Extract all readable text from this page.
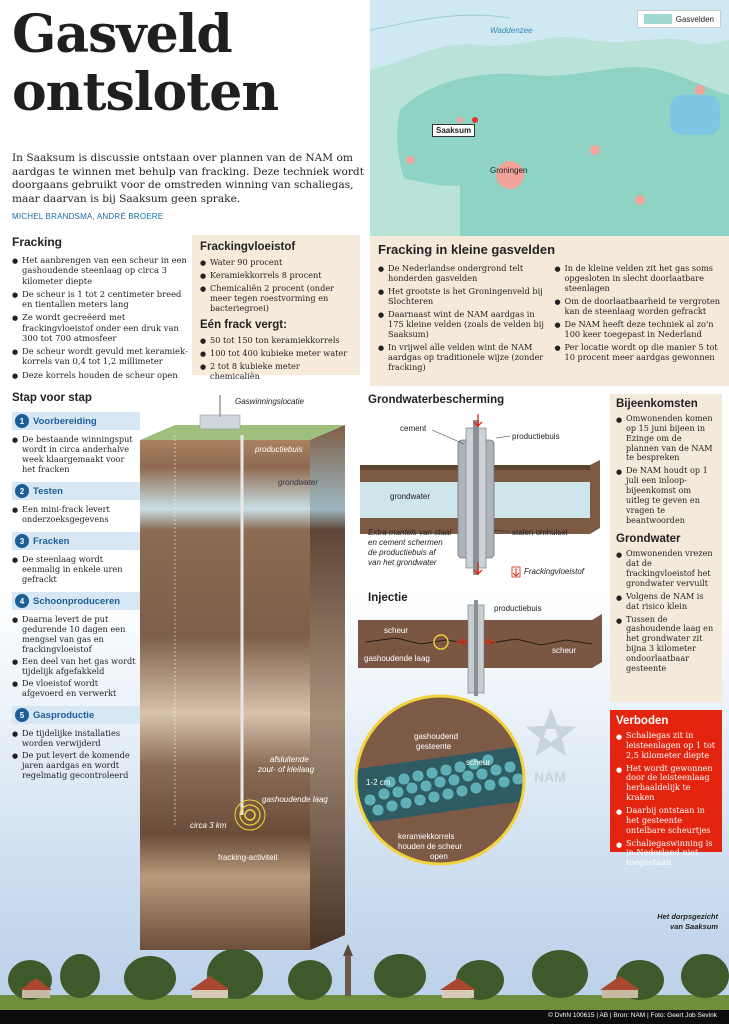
Gasveld
ontsloten

In Saaksum is discussie ontstaan over plannen van de NAM om aardgas te winnen met behulp van fracking. Deze techniek wordt doorgaans gebruikt voor de omstreden winning van schaliegas, maar daarvan is bij Saaksum geen sprake.

MICHEL BRANDSMA, ANDRÉ BROERE
Gasvelden
Waddenzee
Saaksum
Groningen
Fracking
● Het aanbrengen van een scheur in een gashoudende steenlaag op circa 3 kilometer diepte
● De scheur is 1 tot 2 centimeter breed en tientallen meters lang
● Ze wordt gecreëerd met frackingvloeistof onder een druk van 300 tot 700 atmosfeer
● De scheur wordt gevuld met keramiekkorrels van 0,4 tot 1,2 millimeter
● Deze korrels houden de scheur open
Frackingvloeistof
● Water 90 procent
● Keramiekkorrels 8 procent
● Chemicaliën 2 procent (onder meer tegen roestvorming en bacteriegroei)
Eén frack vergt:
● 50 tot 150 ton keramiekkorrels
● 100 tot 400 kubieke meter water
● 2 tot 8 kubieke meter chemicaliën
Fracking in kleine gasvelden
● De Nederlandse ondergrond telt honderden gasvelden
● Het grootste is het Groningenveld bij Slochteren
● Daarnaast wint de NAM aardgas in 175 kleine velden (zoals de velden bij Saaksum)
● In vrijwel alle velden wint de NAM aardgas op traditionele wijze (zonder fracking)
● In de kleine velden zit het gas soms opgesloten in slecht doorlaatbare steenlagen
● Om de doorlaatbaarheid te vergroten kan de steenlaag worden gefrackt
● De NAM heeft deze techniek al zo'n 100 keer toegepast in Nederland
● Per locatie wordt op die manier 5 tot 10 procent meer aardgas gewonnen
Gaswinningslocatie
productiebuis
grondwater
afsluitende
zout- of kleilaag
gashoudende laag
circa 3 km
fracking-activiteit
Stap voor stap
1 Voorbereiding
● De bestaande winningsput wordt in circa anderhalve week klaargemaakt voor het fracken
2 Testen
● Een mini-frack levert onderzoeksgegevens
3 Fracken
● De steenlaag wordt eenmalig in enkele uren gefrackt
4 Schoonproduceren
● Daarna levert de put gedurende 10 dagen een mengsel van gas en frackingvloeistof
● Een deel van het gas wordt tijdelijk afgefakkeld
● De vloeistof wordt afgevoerd en verwerkt
5 Gasproductie
● De tijdelijke installaties worden verwijderd
● De put levert de komende jaren aardgas en wordt regelmatig gecontroleerd
Grondwaterbescherming
cement
productiebuis
grondwater
stalen omhulsel
Extra mantels van staal
en cement schermen
de productiebuis af
van het grondwater
Frackingvloeistof
Injectie
productiebuis
scheur
scheur
gashoudende laag
gashoudend
gesteente
scheur
1-2 cm
keramiekkorrels
houden de scheur
open
NAM
Bijeenkomsten
● Omwonenden komen op 15 juni bijeen in Ezinge om de plannen van de NAM te bespreken
● De NAM houdt op 1 juli een inloopbijeenkomst om uitleg te geven en vragen te beantwoorden
Grondwater
● Omwonenden vrezen dat de frackingvloeistof het grondwater vervuilt
● Volgens de NAM is dat risico klein
● Tussen de gashoudende laag en het grondwater zit bijna 3 kilometer ondoorlaatbaar gesteente
Verboden
● Schaliegas zit in leisteenlagen op 1 tot 2,5 kilometer diepte
● Het wordt gewonnen door de leisteenlaag herhaaldelijk te kraken
● Daarbij ontstaan in het gesteente ontelbare scheurtjes
● Schaliegaswinning is in Nederland niet toegestaan
Het dorpsgezicht
van Saaksum
© DvhN 100615 | AB | Bron: NAM | Foto: Geert Job Sevink
